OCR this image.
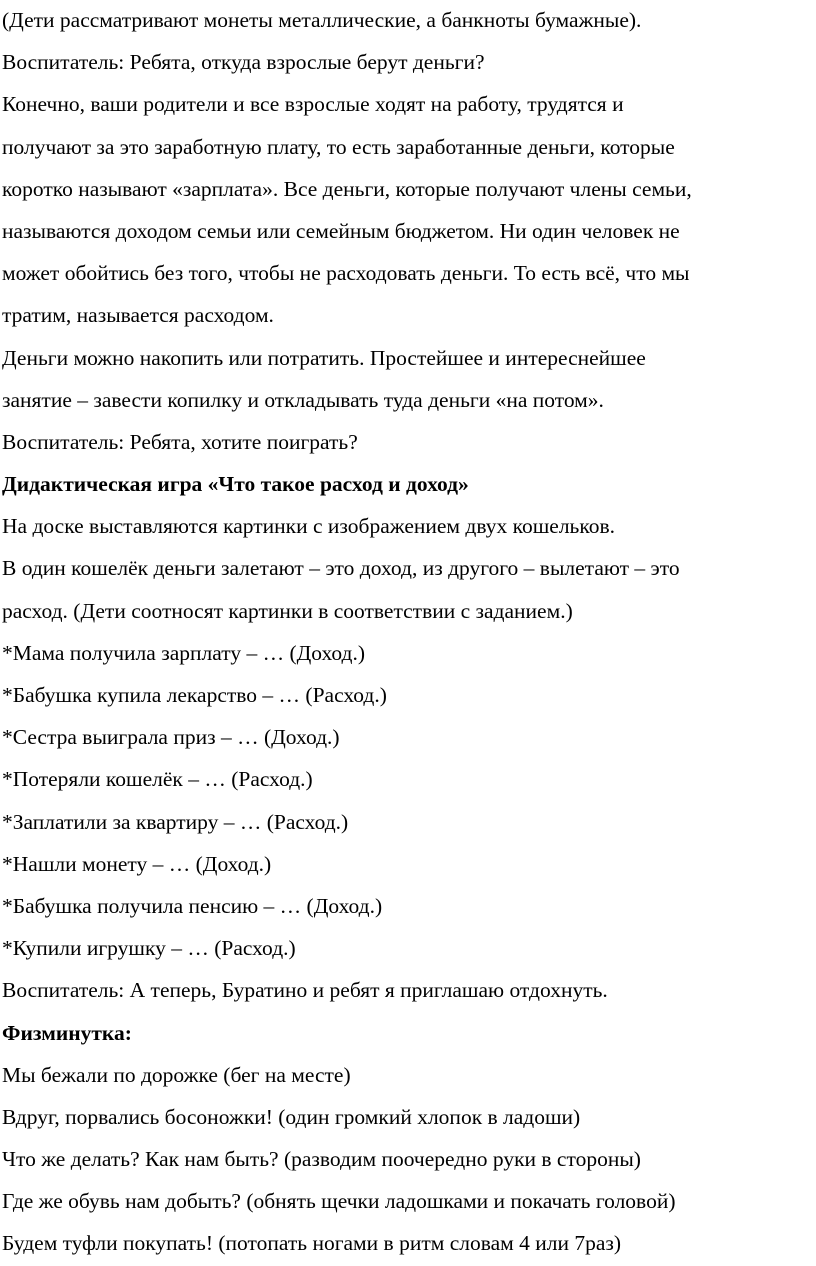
(Дети рассматривают монеты металлические, а банкноты бумажные).

Воспитатель: Ребята, откуда взрослые берут деньги?

Конечно, ваши родители и все взрослые ходят на работу, трудятся и

получают за это заработную плату, то есть заработанные деньги, которые

коротко называют «зарплата». Все деньги, которые получают члены семьи,

называются доходом семьи или семейным бюджетом. Ни один человек не

может обойтись без того, чтобы не расходовать деньги. То есть всё, что мы

тратим, называется расходом.

Деньги можно накопить или потратить. Простейшее и интереснейшее

занятие – завести копилку и откладывать туда деньги «на потом».

Воспитатель: Ребята, хотите поиграть?

Дидактическая игра «Что такое расход и доход»

На доске выставляются картинки с изображением двух кошельков.

В один кошелёк деньги залетают – это доход, из другого – вылетают – это

расход. (Дети соотносят картинки в соответствии с заданием.)

*Мама получила зарплату – … (Доход.)

*Бабушка купила лекарство – … (Расход.)

*Сестра выиграла приз – … (Доход.)

*Потеряли кошелёк – … (Расход.)

*Заплатили за квартиру – … (Расход.)

*Нашли монету – … (Доход.)

*Бабушка получила пенсию – … (Доход.)

*Купили игрушку – … (Расход.)

Воспитатель: А теперь, Буратино и ребят я приглашаю отдохнуть.

Физминутка:

Мы бежали по дорожке (бег на месте)

Вдруг, порвались босоножки! (один громкий хлопок в ладоши)

Что же делать? Как нам быть? (разводим поочередно руки в стороны)

Где же обувь нам добыть? (обнять щечки ладошками и покачать головой)

Будем туфли покупать! (потопать ногами в ритм словам 4 или 7раз)
